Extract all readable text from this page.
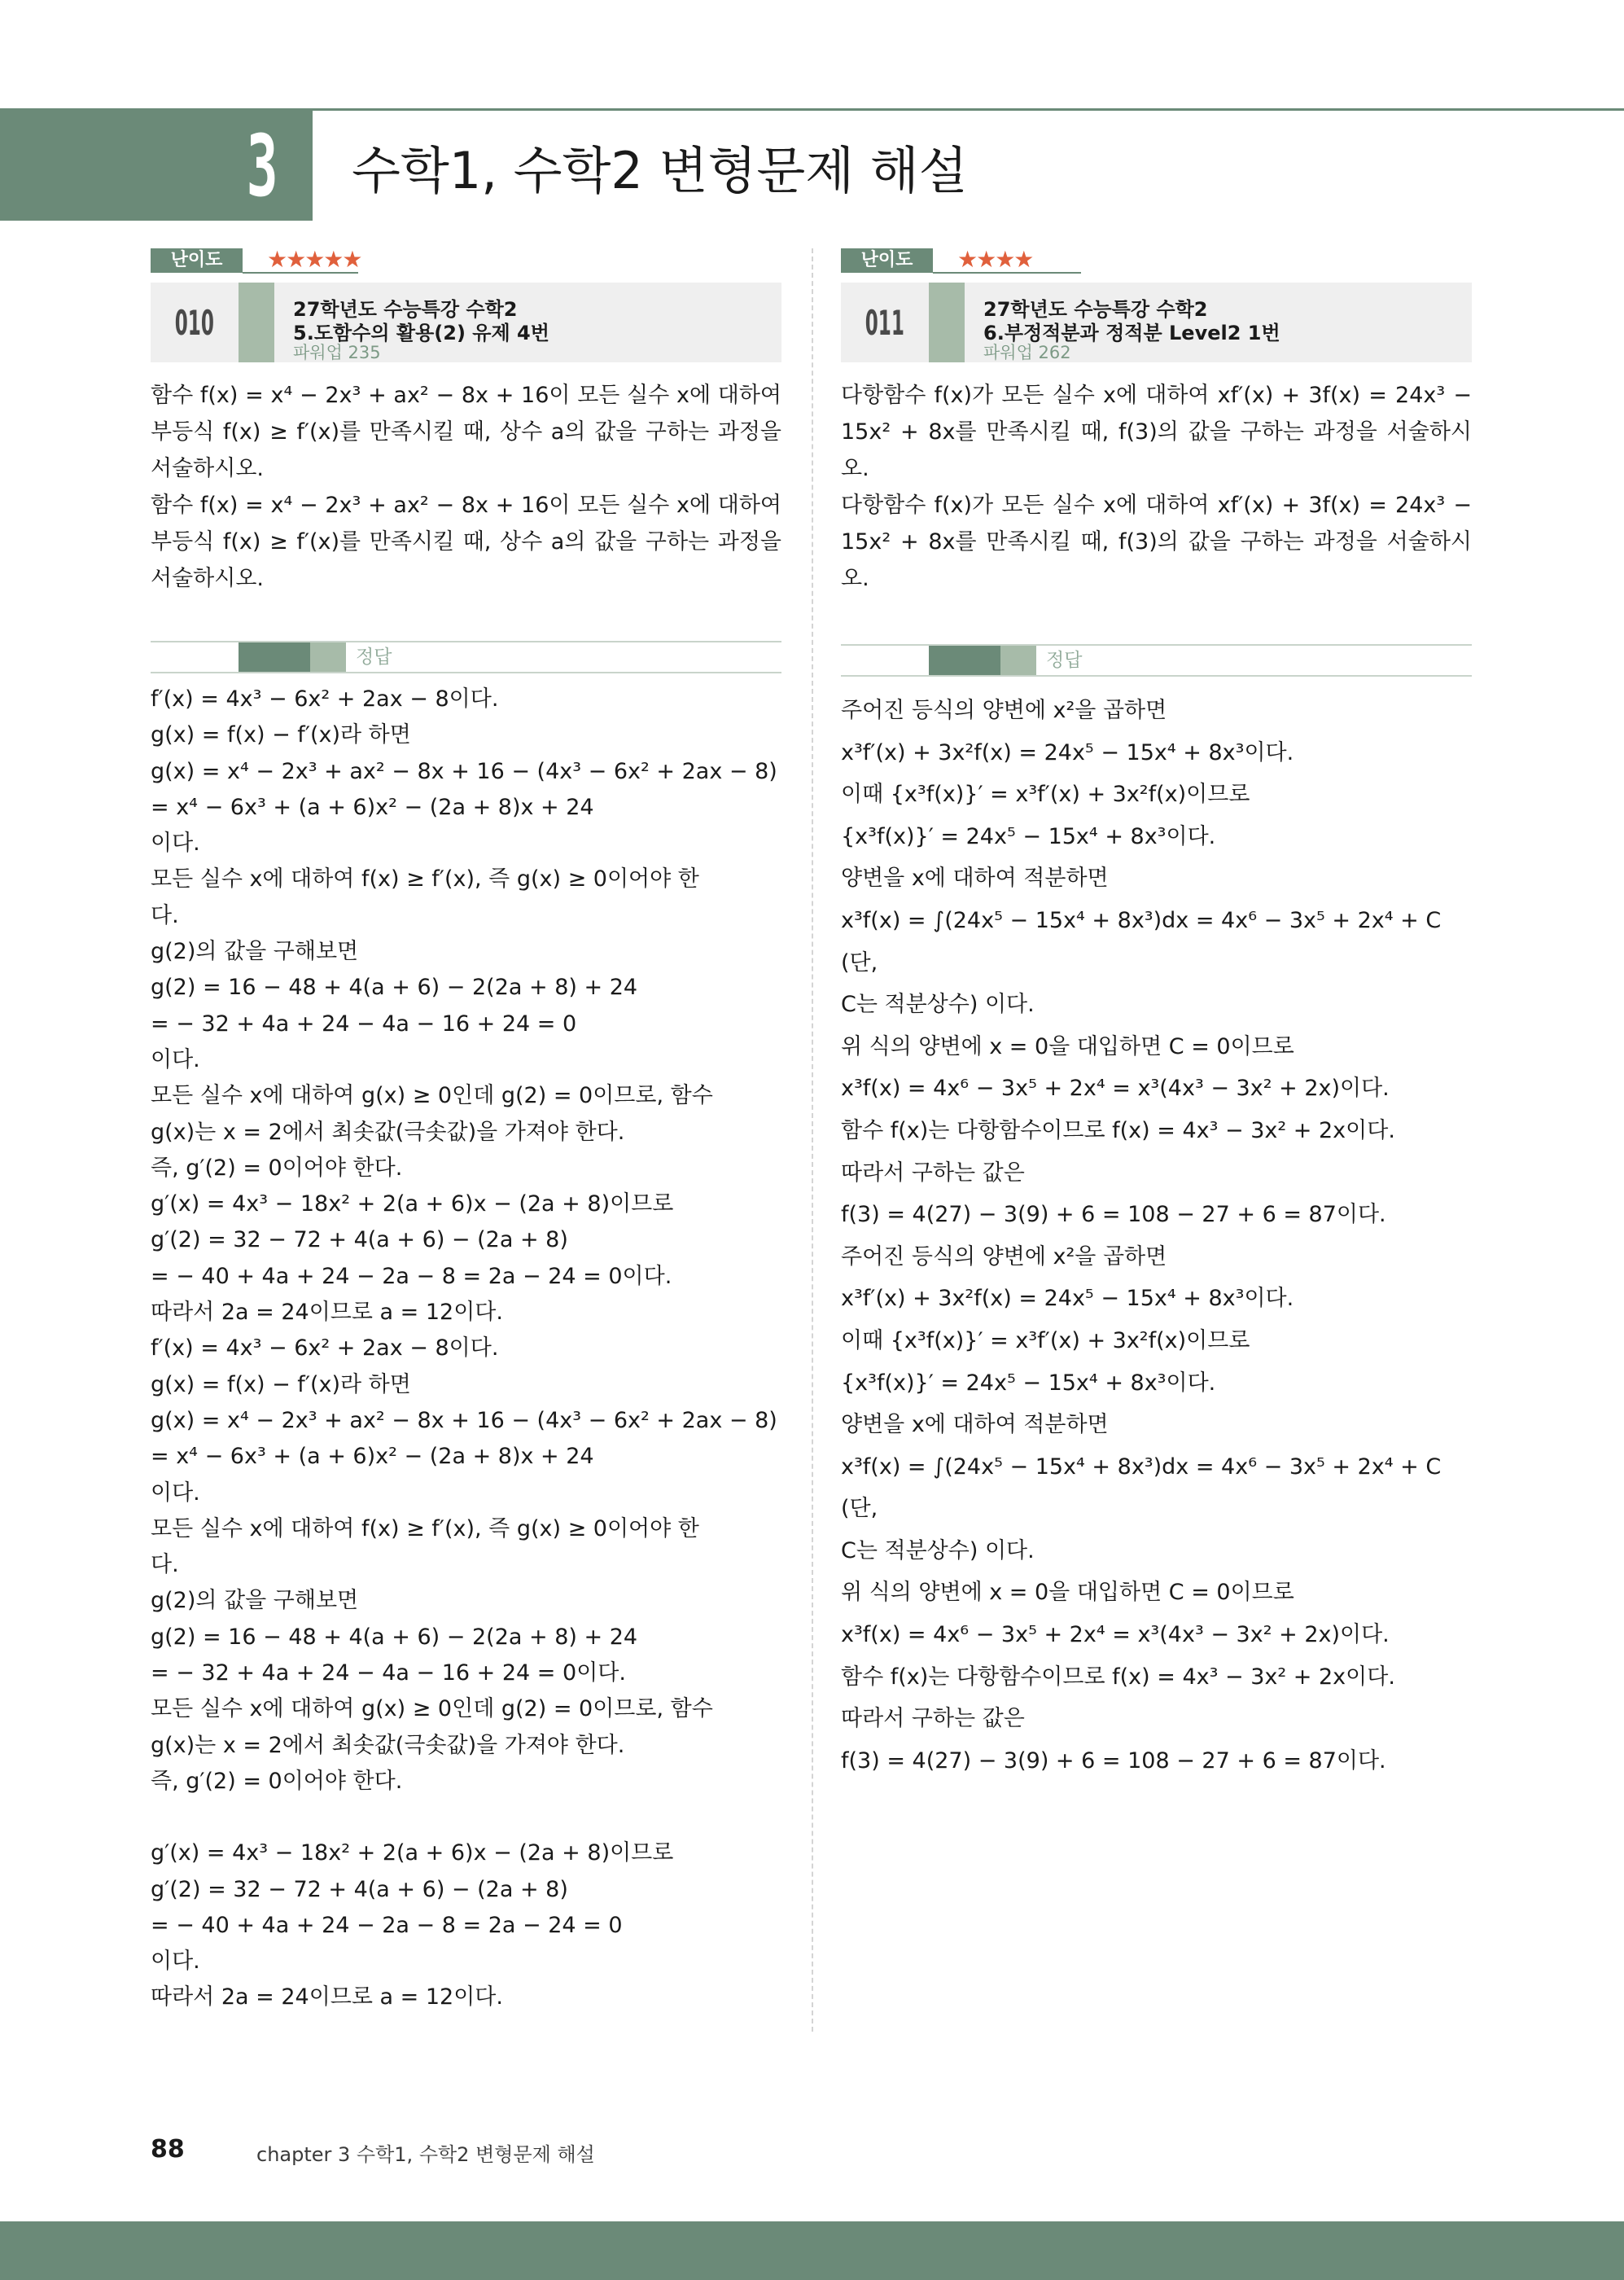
3 수학1, 수학2 변형문제 해설
난이도	★★★★★
010	27학년도 수능특강 수학2
5.도함수의 활용(2) 유제 4번
파워업 235

함수 f(x) = x⁴ − 2x³ + ax² − 8x + 16이 모든 실수 x에 대하여 부등식 f(x) ≥ f′(x)를 만족시킬 때, 상수 a의 값을 구하는 과정을 서술하시오.

함수 f(x) = x⁴ − 2x³ + ax² − 8x + 16이 모든 실수 x에 대하여 부등식 f(x) ≥ f′(x)를 만족시킬 때, 상수 a의 값을 구하는 과정을 서술하시오.

정답
f′(x) = 4x³ − 6x² + 2ax − 8이다.
g(x) = f(x) − f′(x)라 하면
g(x) = x⁴ − 2x³ + ax² − 8x + 16 − (4x³ − 6x² + 2ax − 8)
= x⁴ − 6x³ + (a + 6)x² − (2a + 8)x + 24
이다.
모든 실수 x에 대하여 f(x) ≥ f′(x), 즉 g(x) ≥ 0이어야 한
다.
g(2)의 값을 구해보면
g(2) = 16 − 48 + 4(a + 6) − 2(2a + 8) + 24
= − 32 + 4a + 24 − 4a − 16 + 24 = 0
이다.
모든 실수 x에 대하여 g(x) ≥ 0인데 g(2) = 0이므로, 함수
g(x)는 x = 2에서 최솟값(극솟값)을 가져야 한다.
즉, g′(2) = 0이어야 한다.
g′(x) = 4x³ − 18x² + 2(a + 6)x − (2a + 8)이므로
g′(2) = 32 − 72 + 4(a + 6) − (2a + 8)
= − 40 + 4a + 24 − 2a − 8 = 2a − 24 = 0이다.
따라서 2a = 24이므로 a = 12이다.
f′(x) = 4x³ − 6x² + 2ax − 8이다.
g(x) = f(x) − f′(x)라 하면
g(x) = x⁴ − 2x³ + ax² − 8x + 16 − (4x³ − 6x² + 2ax − 8)
= x⁴ − 6x³ + (a + 6)x² − (2a + 8)x + 24
이다.
모든 실수 x에 대하여 f(x) ≥ f′(x), 즉 g(x) ≥ 0이어야 한
다.
g(2)의 값을 구해보면
g(2) = 16 − 48 + 4(a + 6) − 2(2a + 8) + 24
= − 32 + 4a + 24 − 4a − 16 + 24 = 0이다.
모든 실수 x에 대하여 g(x) ≥ 0인데 g(2) = 0이므로, 함수
g(x)는 x = 2에서 최솟값(극솟값)을 가져야 한다.
즉, g′(2) = 0이어야 한다.
g′(x) = 4x³ − 18x² + 2(a + 6)x − (2a + 8)이므로
g′(2) = 32 − 72 + 4(a + 6) − (2a + 8)
= − 40 + 4a + 24 − 2a − 8 = 2a − 24 = 0
이다.
따라서 2a = 24이므로 a = 12이다.
난이도	★★★★
011	27학년도 수능특강 수학2
6.부정적분과 정적분 Level2 1번
파워업 262

다항함수 f(x)가 모든 실수 x에 대하여 xf′(x) + 3f(x) = 24x³ − 15x² + 8x를 만족시킬 때, f(3)의 값을 구하는 과정을 서술하시오.

다항함수 f(x)가 모든 실수 x에 대하여 xf′(x) + 3f(x) = 24x³ − 15x² + 8x를 만족시킬 때, f(3)의 값을 구하는 과정을 서술하시오.

정답
주어진 등식의 양변에 x²을 곱하면
x³f′(x) + 3x²f(x) = 24x⁵ − 15x⁴ + 8x³이다.
이때 {x³f(x)}′ = x³f′(x) + 3x²f(x)이므로
{x³f(x)}′ = 24x⁵ − 15x⁴ + 8x³이다.
양변을 x에 대하여 적분하면
x³f(x) = ∫(24x⁵ − 15x⁴ + 8x³)dx = 4x⁶ − 3x⁵ + 2x⁴ + C (단,
C는 적분상수) 이다.
위 식의 양변에 x = 0을 대입하면 C = 0이므로
x³f(x) = 4x⁶ − 3x⁵ + 2x⁴ = x³(4x³ − 3x² + 2x)이다.
함수 f(x)는 다항함수이므로 f(x) = 4x³ − 3x² + 2x이다.
따라서 구하는 값은
f(3) = 4(27) − 3(9) + 6 = 108 − 27 + 6 = 87이다.
주어진 등식의 양변에 x²을 곱하면
x³f′(x) + 3x²f(x) = 24x⁵ − 15x⁴ + 8x³이다.
이때 {x³f(x)}′ = x³f′(x) + 3x²f(x)이므로
{x³f(x)}′ = 24x⁵ − 15x⁴ + 8x³이다.
양변을 x에 대하여 적분하면
x³f(x) = ∫(24x⁵ − 15x⁴ + 8x³)dx = 4x⁶ − 3x⁵ + 2x⁴ + C (단,
C는 적분상수) 이다.
위 식의 양변에 x = 0을 대입하면 C = 0이므로
x³f(x) = 4x⁶ − 3x⁵ + 2x⁴ = x³(4x³ − 3x² + 2x)이다.
함수 f(x)는 다항함수이므로 f(x) = 4x³ − 3x² + 2x이다.
따라서 구하는 값은
f(3) = 4(27) − 3(9) + 6 = 108 − 27 + 6 = 87이다.
88	chapter 3 수학1, 수학2 변형문제 해설
